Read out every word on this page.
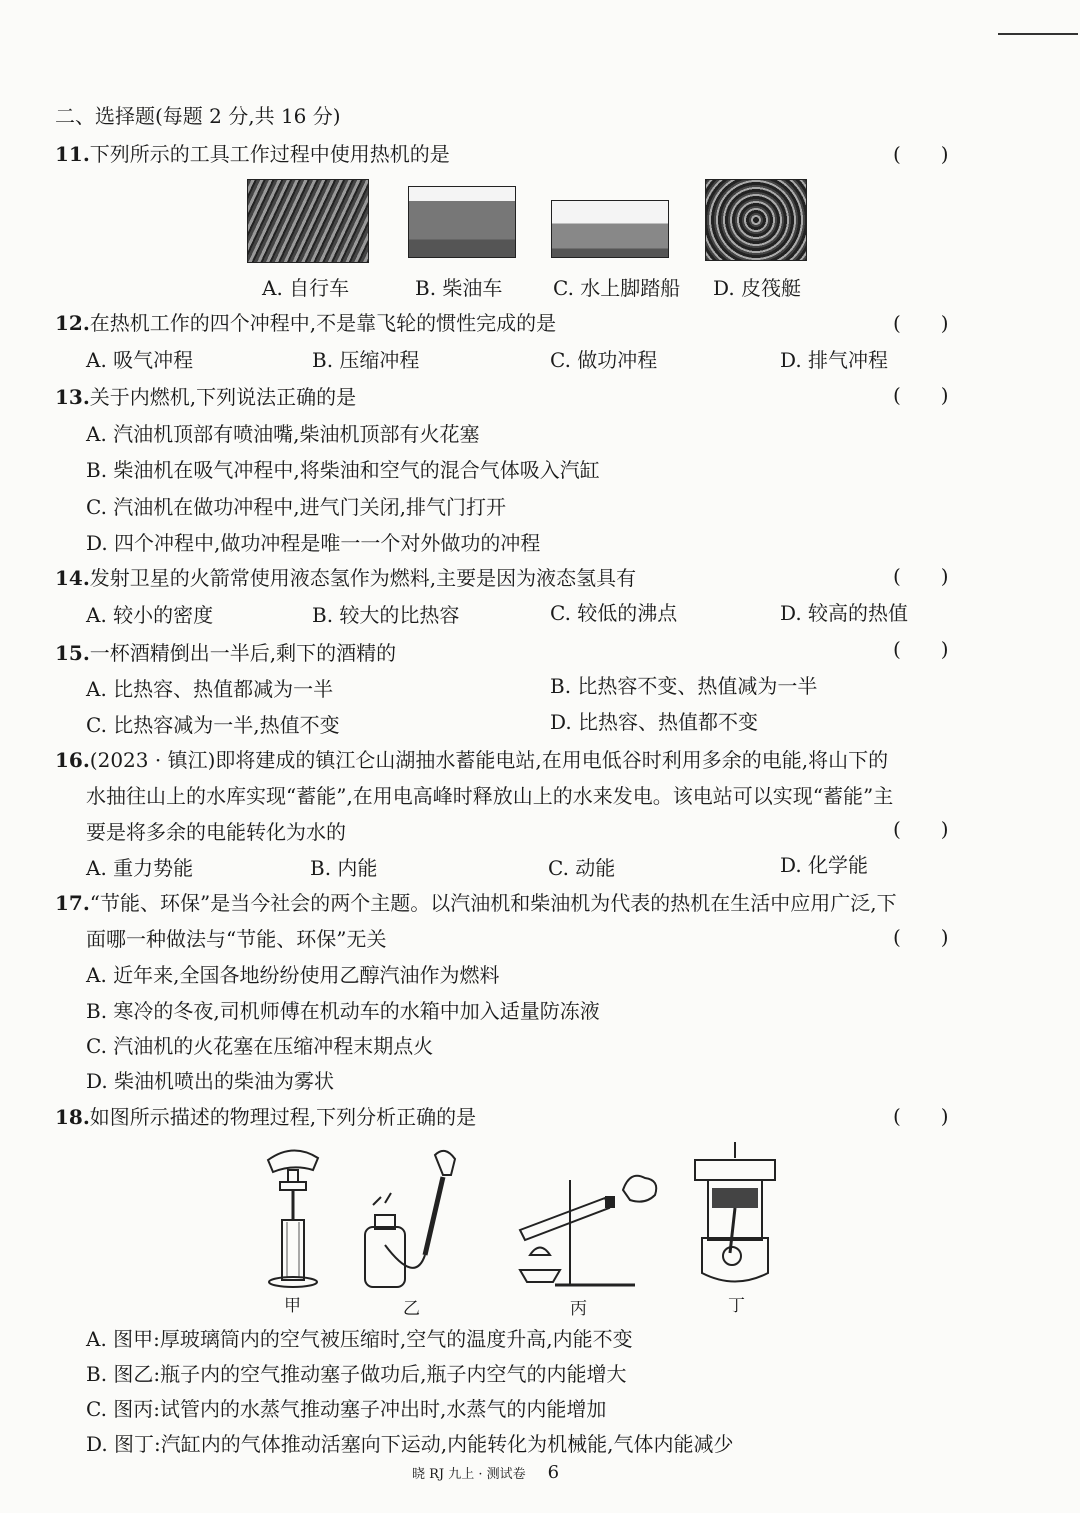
二、选择题(每题 2 分,共 16 分)
11.下列所示的工具工作过程中使用热机的是	(　　)
A. 自行车	B. 柴油车	C. 水上脚踏船 D. 皮筏艇
12.在热机工作的四个冲程中,不是靠飞轮的惯性完成的是	(　　)
A. 吸气冲程	B. 压缩冲程	C. 做功冲程	D. 排气冲程
13.关于内燃机,下列说法正确的是	(　　)
A. 汽油机顶部有喷油嘴,柴油机顶部有火花塞
B. 柴油机在吸气冲程中,将柴油和空气的混合气体吸入汽缸
C. 汽油机在做功冲程中,进气门关闭,排气门打开
D. 四个冲程中,做功冲程是唯一一个对外做功的冲程
14.发射卫星的火箭常使用液态氢作为燃料,主要是因为液态氢具有	(　　)
A. 较小的密度	B. 较大的比热容	C. 较低的沸点	D. 较高的热值
15.一杯酒精倒出一半后,剩下的酒精的	(　　)
A. 比热容、热值都减为一半	B. 比热容不变、热值减为一半
C. 比热容减为一半,热值不变	D. 比热容、热值都不变
16.(2023 · 镇江)即将建成的镇江仑山湖抽水蓄能电站,在用电低谷时利用多余的电能,将山下的
水抽往山上的水库实现“蓄能”,在用电高峰时释放山上的水来发电。该电站可以实现“蓄能”主
要是将多余的电能转化为水的	(　　)
A. 重力势能	B. 内能	C. 动能	D. 化学能
17.“节能、环保”是当今社会的两个主题。以汽油机和柴油机为代表的热机在生活中应用广泛,下
面哪一种做法与“节能、环保”无关	(　　)
A. 近年来,全国各地纷纷使用乙醇汽油作为燃料
B. 寒冷的冬夜,司机师傅在机动车的水箱中加入适量防冻液
C. 汽油机的火花塞在压缩冲程末期点火
D. 柴油机喷出的柴油为雾状
18.如图所示描述的物理过程,下列分析正确的是	(　　)
甲	乙	丙	丁
A. 图甲:厚玻璃筒内的空气被压缩时,空气的温度升高,内能不变
B. 图乙:瓶子内的空气推动塞子做功后,瓶子内空气的内能增大
C. 图丙:试管内的水蒸气推动塞子冲出时,水蒸气的内能增加
D. 图丁:汽缸内的气体推动活塞向下运动,内能转化为机械能,气体内能减少
晓 RJ 九上 · 测试卷 6
